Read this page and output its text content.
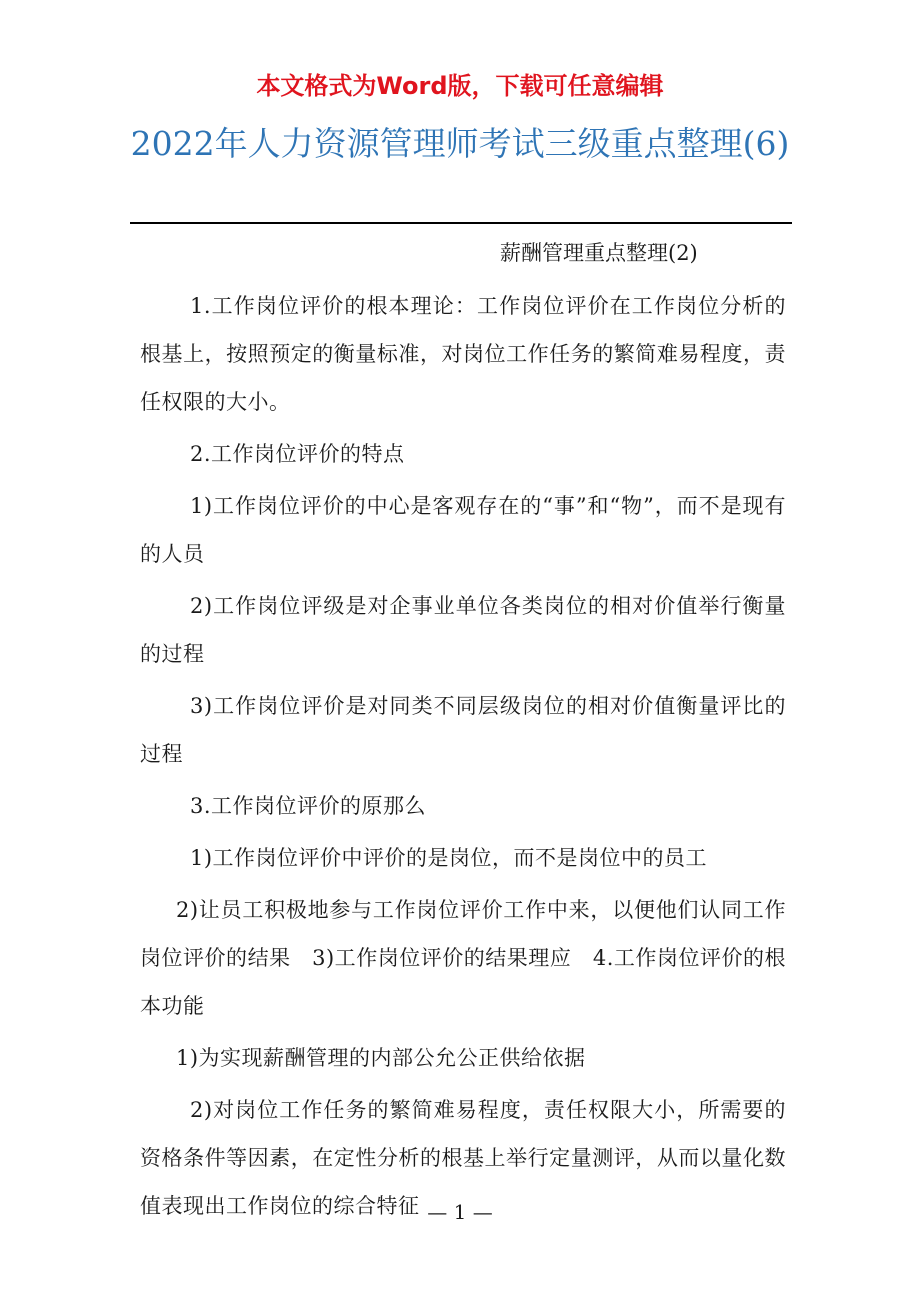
本文格式为Word版，下载可任意编辑
2022年人力资源管理师考试三级重点整理(6)
薪酬管理重点整理(2)

1.工作岗位评价的根本理论：工作岗位评价在工作岗位分析的根基上，按照预定的衡量标准，对岗位工作任务的繁简难易程度，责任权限的大小。

2.工作岗位评价的特点

1)工作岗位评价的中心是客观存在的“事”和“物”，而不是现有的人员

2)工作岗位评级是对企事业单位各类岗位的相对价值举行衡量的过程

3)工作岗位评价是对同类不同层级岗位的相对价值衡量评比的过程

3.工作岗位评价的原那么

1)工作岗位评价中评价的是岗位，而不是岗位中的员工

2)让员工积极地参与工作岗位评价工作中来，以便他们认同工作岗位评价的结果　3)工作岗位评价的结果理应　4.工作岗位评价的根本功能

1)为实现薪酬管理的内部公允公正供给依据

2)对岗位工作任务的繁简难易程度，责任权限大小，所需要的资格条件等因素，在定性分析的根基上举行定量测评，从而以量化数值表现出工作岗位的综合特征 — 1 —
